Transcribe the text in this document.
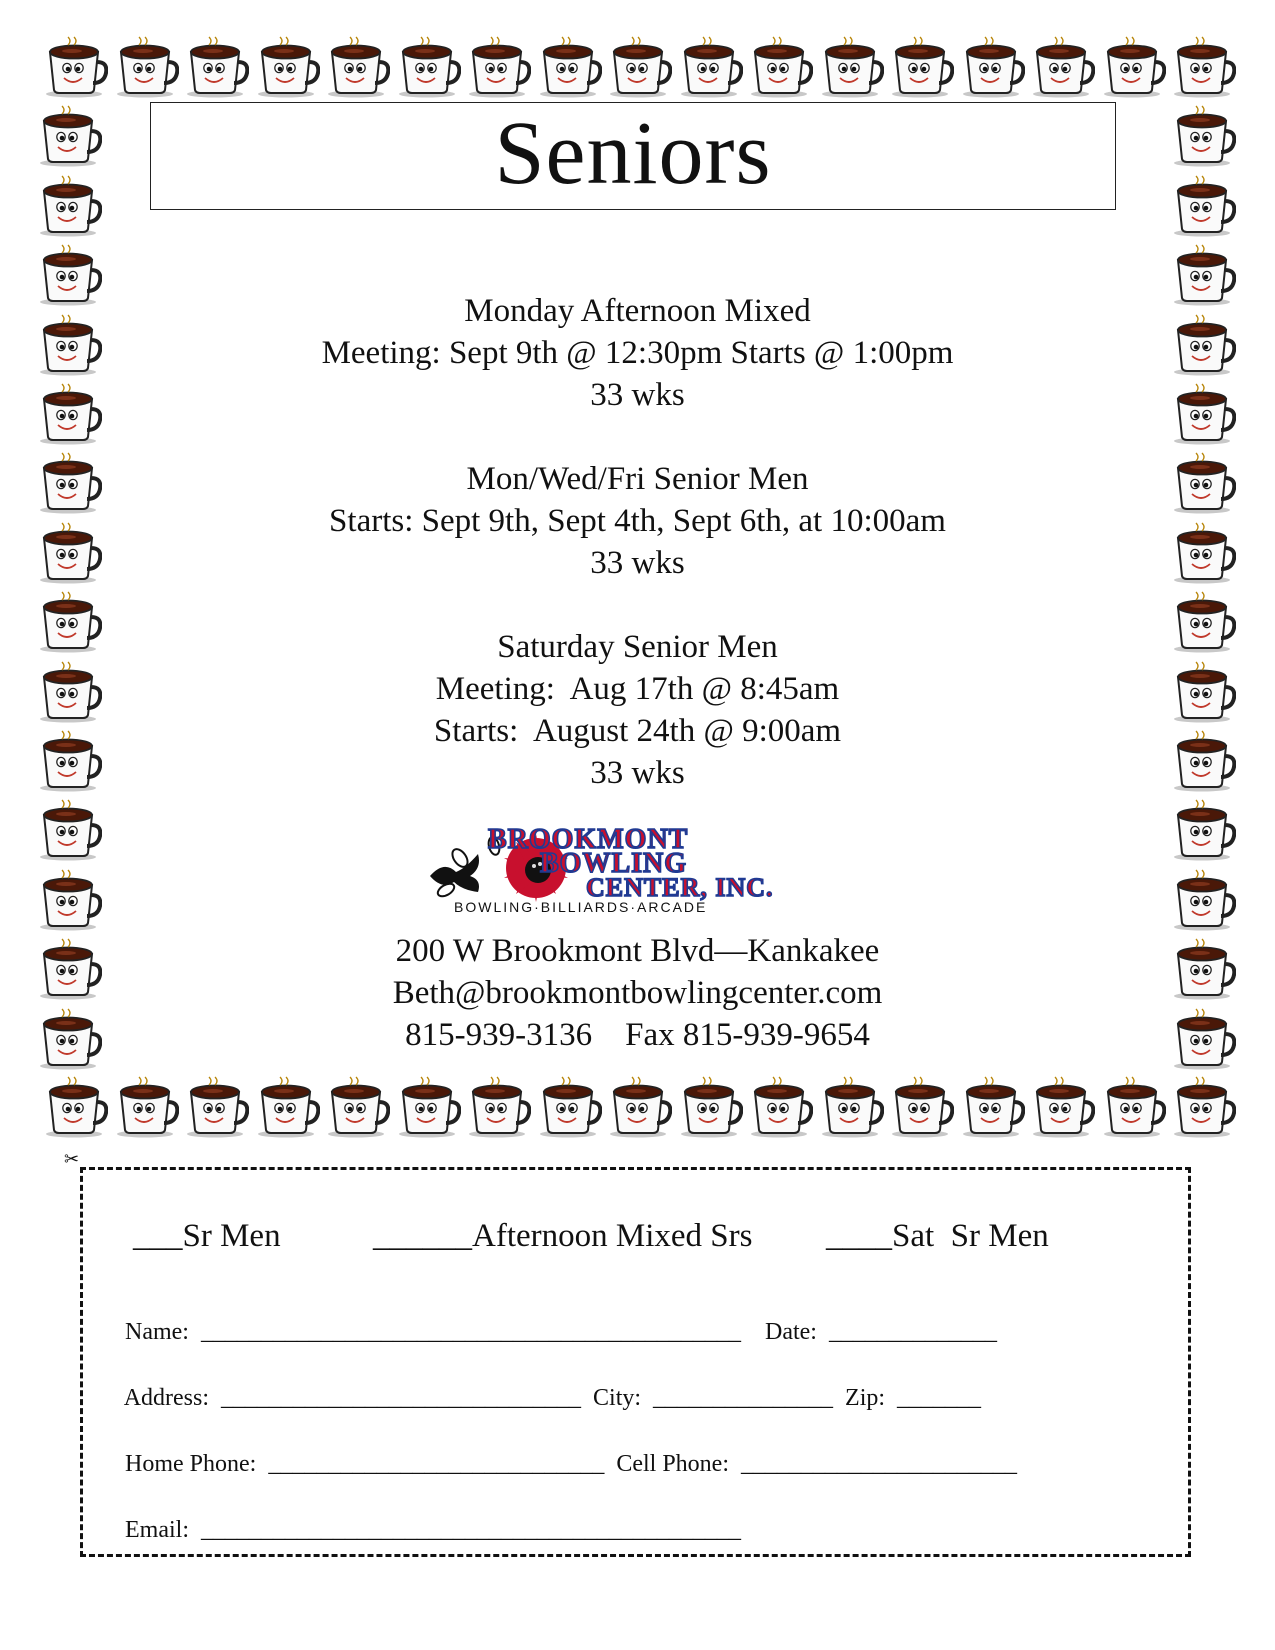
Seniors
Monday Afternoon Mixed
Meeting: Sept 9th @ 12:30pm Starts @ 1:00pm
33 wks
Mon/Wed/Fri Senior Men
Starts: Sept 9th, Sept 4th, Sept 6th, at 10:00am
33 wks
Saturday Senior Men
Meeting:  Aug 17th @ 8:45am
Starts:  August 24th @ 9:00am
33 wks
BROOKMONT
BOWLING
CENTER, INC.
BOWLING·BILLIARDS·ARCADE
200 W Brookmont Blvd—Kankakee
Beth@brookmontbowlingcenter.com
815-939-3136    Fax 815-939-9654
✂
___Sr Men	______Afternoon Mixed Srs ____Sat  Sr Men

Name: _____________________________________________ Date: ______________

Address: ______________________________ City: _______________ Zip: _______

Home Phone: ____________________________ Cell Phone: _______________________

Email: _____________________________________________
